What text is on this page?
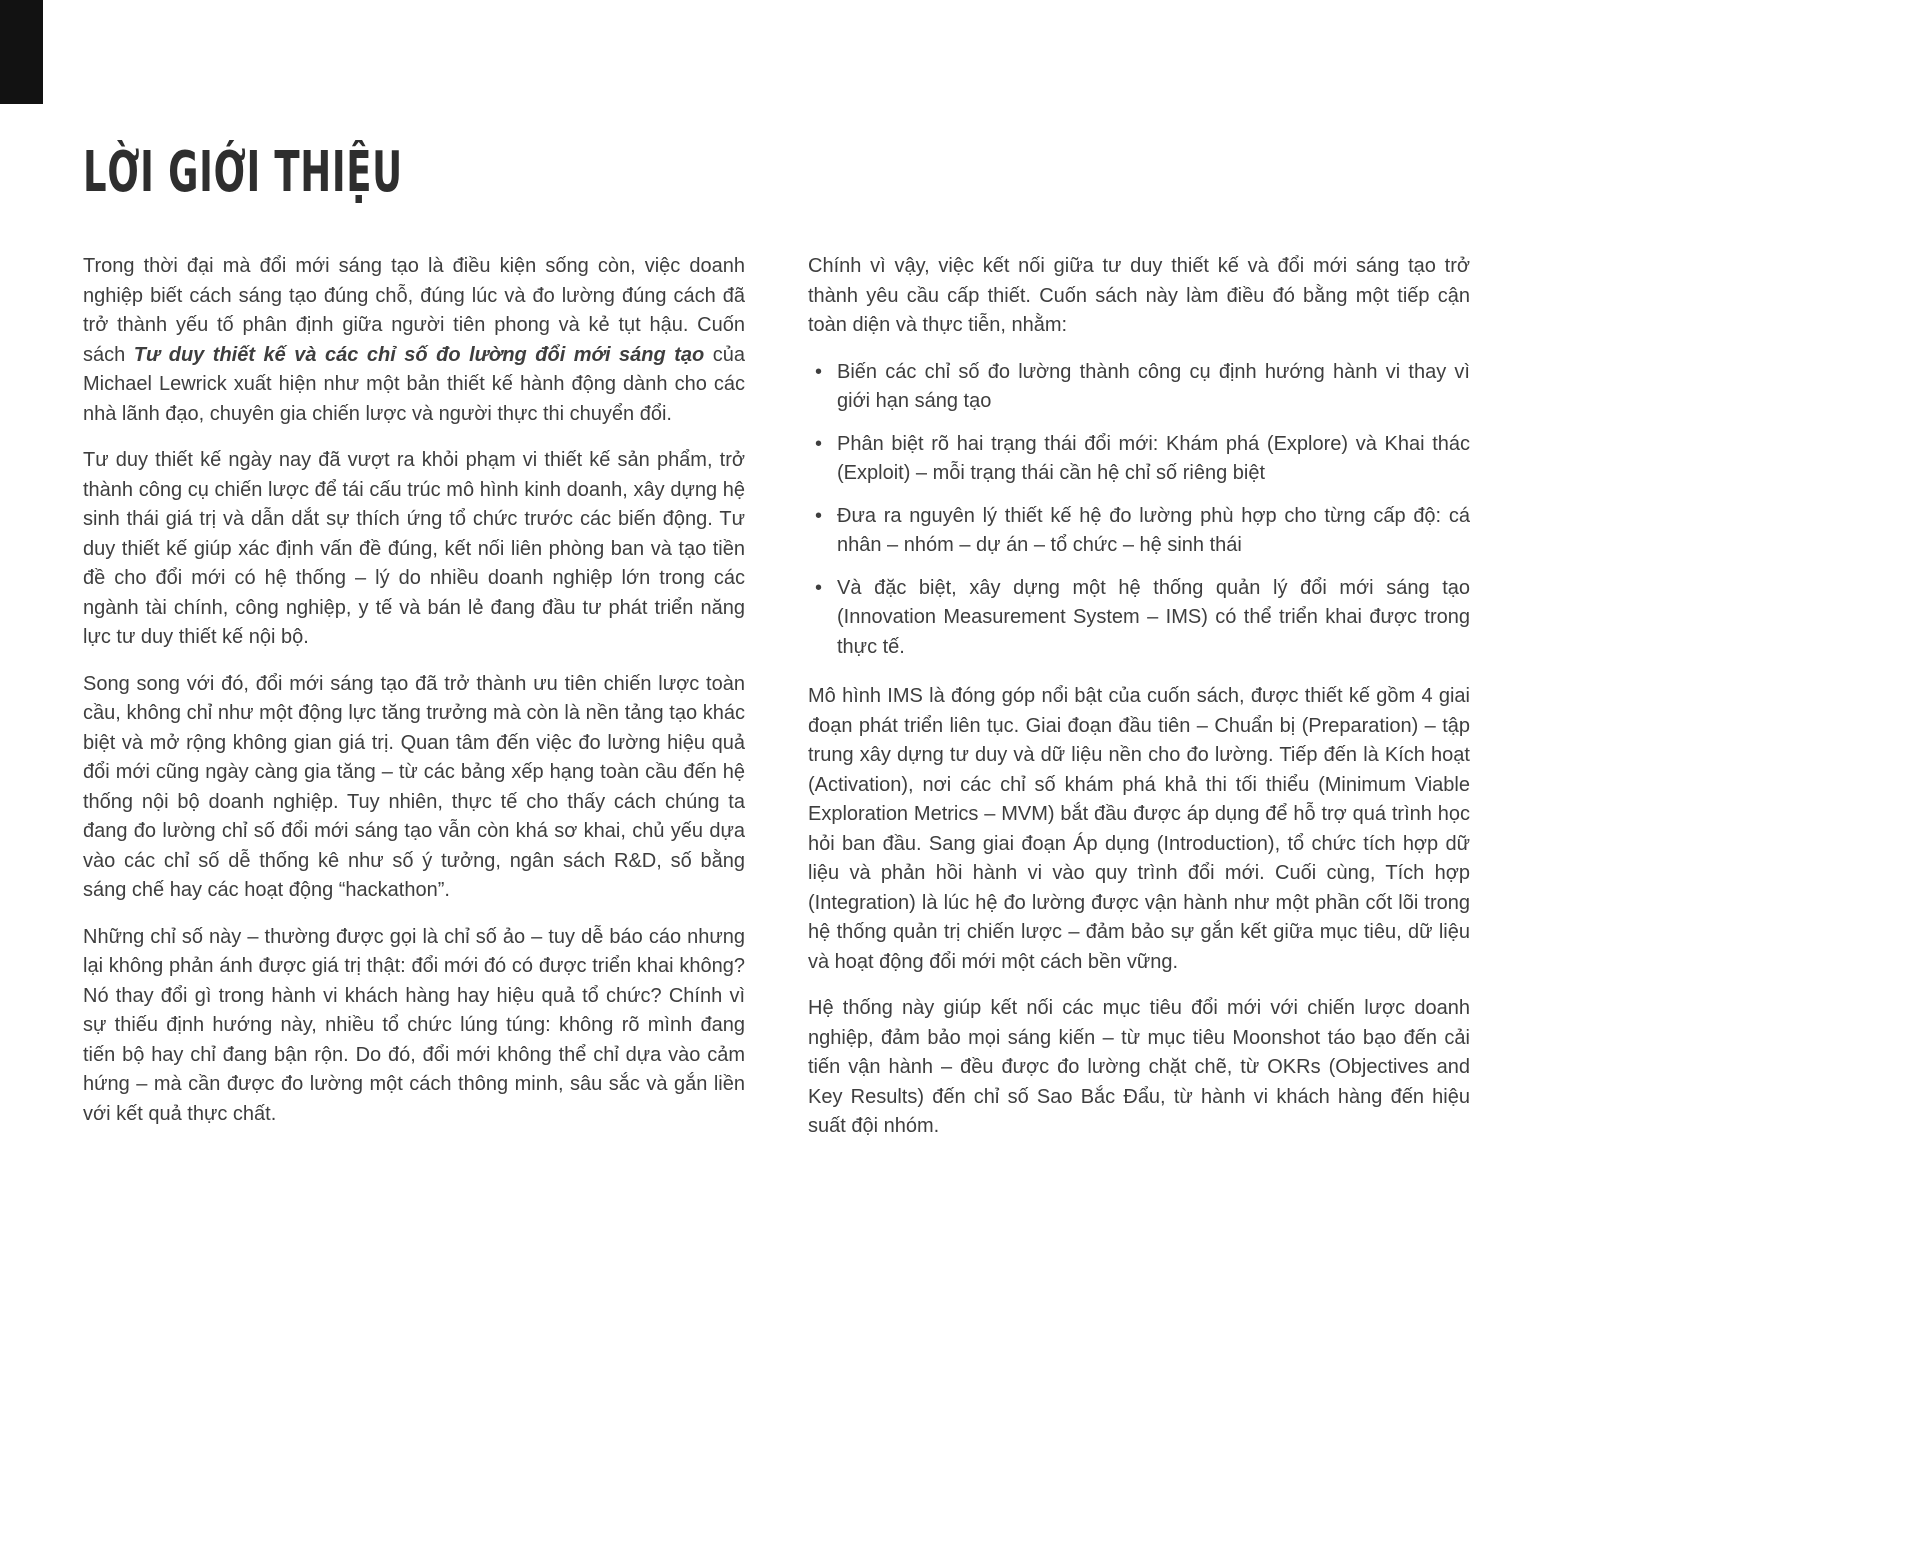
LỜI GIỚI THIỆU

Trong thời đại mà đổi mới sáng tạo là điều kiện sống còn, việc doanh nghiệp biết cách sáng tạo đúng chỗ, đúng lúc và đo lường đúng cách đã trở thành yếu tố phân định giữa người tiên phong và kẻ tụt hậu. Cuốn sách Tư duy thiết kế và các chỉ số đo lường đổi mới sáng tạo của Michael Lewrick xuất hiện như một bản thiết kế hành động dành cho các nhà lãnh đạo, chuyên gia chiến lược và người thực thi chuyển đổi.

Tư duy thiết kế ngày nay đã vượt ra khỏi phạm vi thiết kế sản phẩm, trở thành công cụ chiến lược để tái cấu trúc mô hình kinh doanh, xây dựng hệ sinh thái giá trị và dẫn dắt sự thích ứng tổ chức trước các biến động. Tư duy thiết kế giúp xác định vấn đề đúng, kết nối liên phòng ban và tạo tiền đề cho đổi mới có hệ thống – lý do nhiều doanh nghiệp lớn trong các ngành tài chính, công nghiệp, y tế và bán lẻ đang đầu tư phát triển năng lực tư duy thiết kế nội bộ.

Song song với đó, đổi mới sáng tạo đã trở thành ưu tiên chiến lược toàn cầu, không chỉ như một động lực tăng trưởng mà còn là nền tảng tạo khác biệt và mở rộng không gian giá trị. Quan tâm đến việc đo lường hiệu quả đổi mới cũng ngày càng gia tăng – từ các bảng xếp hạng toàn cầu đến hệ thống nội bộ doanh nghiệp. Tuy nhiên, thực tế cho thấy cách chúng ta đang đo lường chỉ số đổi mới sáng tạo vẫn còn khá sơ khai, chủ yếu dựa vào các chỉ số dễ thống kê như số ý tưởng, ngân sách R&D, số bằng sáng chế hay các hoạt động “hackathon”.

Những chỉ số này – thường được gọi là chỉ số ảo – tuy dễ báo cáo nhưng lại không phản ánh được giá trị thật: đổi mới đó có được triển khai không? Nó thay đổi gì trong hành vi khách hàng hay hiệu quả tổ chức? Chính vì sự thiếu định hướng này, nhiều tổ chức lúng túng: không rõ mình đang tiến bộ hay chỉ đang bận rộn. Do đó, đổi mới không thể chỉ dựa vào cảm hứng – mà cần được đo lường một cách thông minh, sâu sắc và gắn liền với kết quả thực chất.

Chính vì vậy, việc kết nối giữa tư duy thiết kế và đổi mới sáng tạo trở thành yêu cầu cấp thiết. Cuốn sách này làm điều đó bằng một tiếp cận toàn diện và thực tiễn, nhằm:

• Biến các chỉ số đo lường thành công cụ định hướng hành vi thay vì giới hạn sáng tạo
• Phân biệt rõ hai trạng thái đổi mới: Khám phá (Explore) và Khai thác (Exploit) – mỗi trạng thái cần hệ chỉ số riêng biệt
• Đưa ra nguyên lý thiết kế hệ đo lường phù hợp cho từng cấp độ: cá nhân – nhóm – dự án – tổ chức – hệ sinh thái
• Và đặc biệt, xây dựng một hệ thống quản lý đổi mới sáng tạo (Innovation Measurement System – IMS) có thể triển khai được trong thực tế.

Mô hình IMS là đóng góp nổi bật của cuốn sách, được thiết kế gồm 4 giai đoạn phát triển liên tục. Giai đoạn đầu tiên – Chuẩn bị (Preparation) – tập trung xây dựng tư duy và dữ liệu nền cho đo lường. Tiếp đến là Kích hoạt (Activation), nơi các chỉ số khám phá khả thi tối thiểu (Minimum Viable Exploration Metrics – MVM) bắt đầu được áp dụng để hỗ trợ quá trình học hỏi ban đầu. Sang giai đoạn Áp dụng (Introduction), tổ chức tích hợp dữ liệu và phản hồi hành vi vào quy trình đổi mới. Cuối cùng, Tích hợp (Integration) là lúc hệ đo lường được vận hành như một phần cốt lõi trong hệ thống quản trị chiến lược – đảm bảo sự gắn kết giữa mục tiêu, dữ liệu và hoạt động đổi mới một cách bền vững.

Hệ thống này giúp kết nối các mục tiêu đổi mới với chiến lược doanh nghiệp, đảm bảo mọi sáng kiến – từ mục tiêu Moonshot táo bạo đến cải tiến vận hành – đều được đo lường chặt chẽ, từ OKRs (Objectives and Key Results) đến chỉ số Sao Bắc Đẩu, từ hành vi khách hàng đến hiệu suất đội nhóm.
